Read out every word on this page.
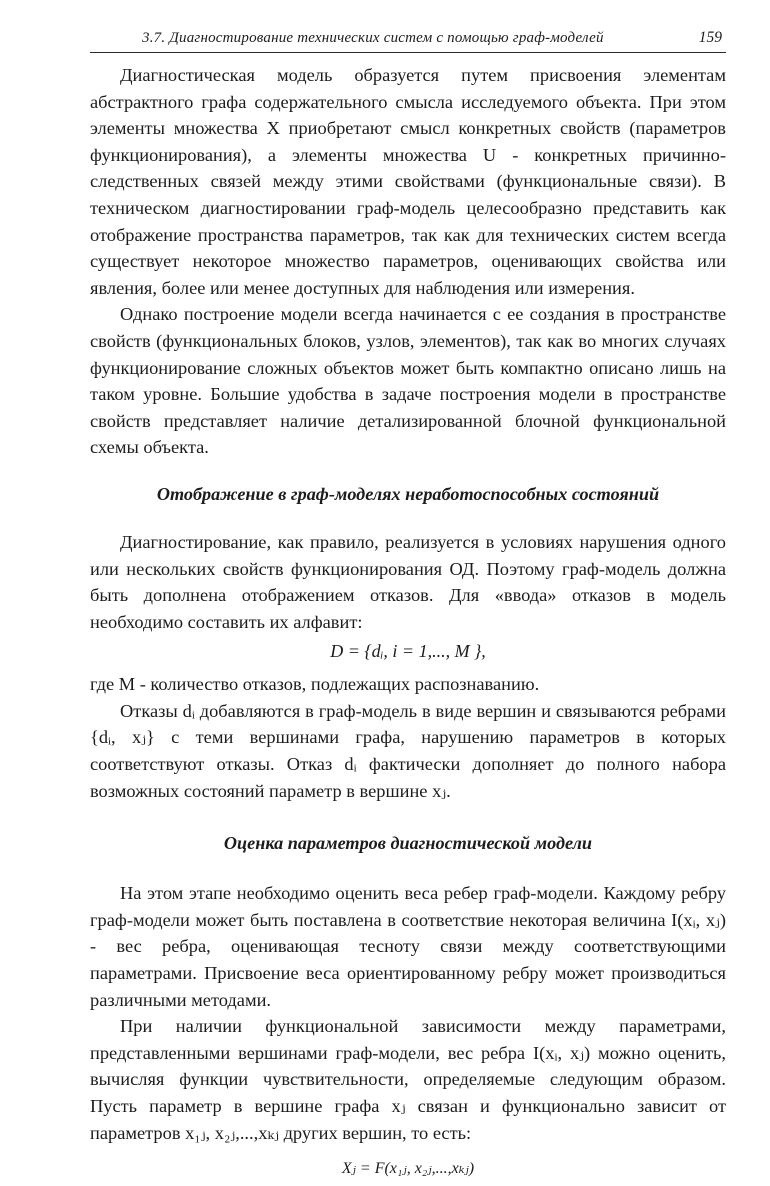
3.7. Диагностирование технических систем с помощью граф-моделей	159

Диагностическая модель образуется путем присвоения элементам абстрактного графа содержательного смысла исследуемого объекта. При этом элементы множества X приобретают смысл конкретных свойств (параметров функционирования), а элементы множества U - конкретных причинно-следственных связей между этими свойствами (функциональные связи). В техническом диагностировании граф-модель целесообразно представить как отображение пространства параметров, так как для технических систем всегда существует некоторое множество параметров, оценивающих свойства или явления, более или менее доступных для наблюдения или измерения.

Однако построение модели всегда начинается с ее создания в пространстве свойств (функциональных блоков, узлов, элементов), так как во многих случаях функционирование сложных объектов может быть компактно описано лишь на таком уровне. Большие удобства в задаче построения модели в пространстве свойств представляет наличие детализированной блочной функциональной схемы объекта.

Отображение в граф-моделях неработоспособных состояний

Диагностирование, как правило, реализуется в условиях нарушения одного или нескольких свойств функционирования ОД. Поэтому граф-модель должна быть дополнена отображением отказов. Для «ввода» отказов в модель необходимо составить их алфавит:

D = {dᵢ, i = 1,..., M },

где M - количество отказов, подлежащих распознаванию.

Отказы dᵢ добавляются в граф-модель в виде вершин и связываются ребрами {dᵢ, xⱼ} с теми вершинами графа, нарушению параметров в которых соответствуют отказы. Отказ dᵢ фактически дополняет до полного набора возможных состояний параметр в вершине xⱼ.

Оценка параметров диагностической модели

На этом этапе необходимо оценить веса ребер граф-модели. Каждому ребру граф-модели может быть поставлена в соответствие некоторая величина I(xᵢ, xⱼ) - вес ребра, оценивающая тесноту связи между соответствующими параметрами. Присвоение веса ориентированному ребру может производиться различными методами.

При наличии функциональной зависимости между параметрами, представленными вершинами граф-модели, вес ребра I(xᵢ, xⱼ) можно оценить, вычисляя функции чувствительности, определяемые следующим образом. Пусть параметр в вершине графа xⱼ связан и функционально зависит от параметров x₁ⱼ, x₂ⱼ,...,xₖⱼ других вершин, то есть:

Xⱼ = F(x₁ⱼ, x₂ⱼ,...,xₖⱼ)
